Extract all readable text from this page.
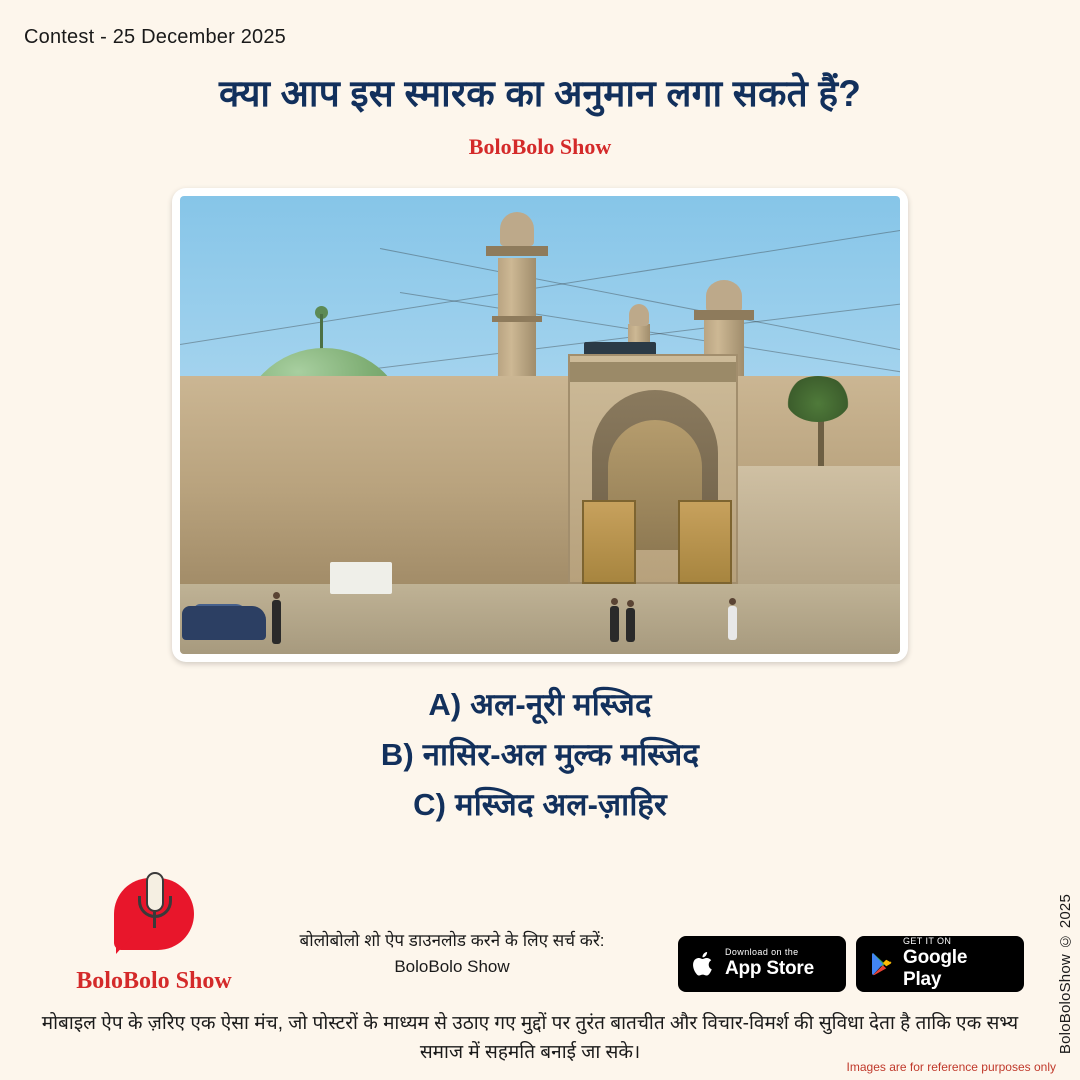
Contest - 25 December 2025
क्या आप इस स्मारक का अनुमान लगा सकते हैं?
BoloBolo Show
A) अल-नूरी मस्जिद
B) नासिर-अल मुल्क मस्जिद
C) मस्जिद अल-ज़ाहिर
BoloBolo Show
बोलोबोलो शो ऐप डाउनलोड करने के लिए सर्च करें:
BoloBolo Show
Download on the
App Store
GET IT ON
Google Play	BoloBoloShow © 2025
मोबाइल ऐप के ज़रिए एक ऐसा मंच, जो पोस्टरों के माध्यम से उठाए गए मुद्दों पर तुरंत बातचीत और विचार-विमर्श की सुविधा देता है ताकि एक सभ्य समाज में सहमति बनाई जा सके।
Images are for reference purposes only
